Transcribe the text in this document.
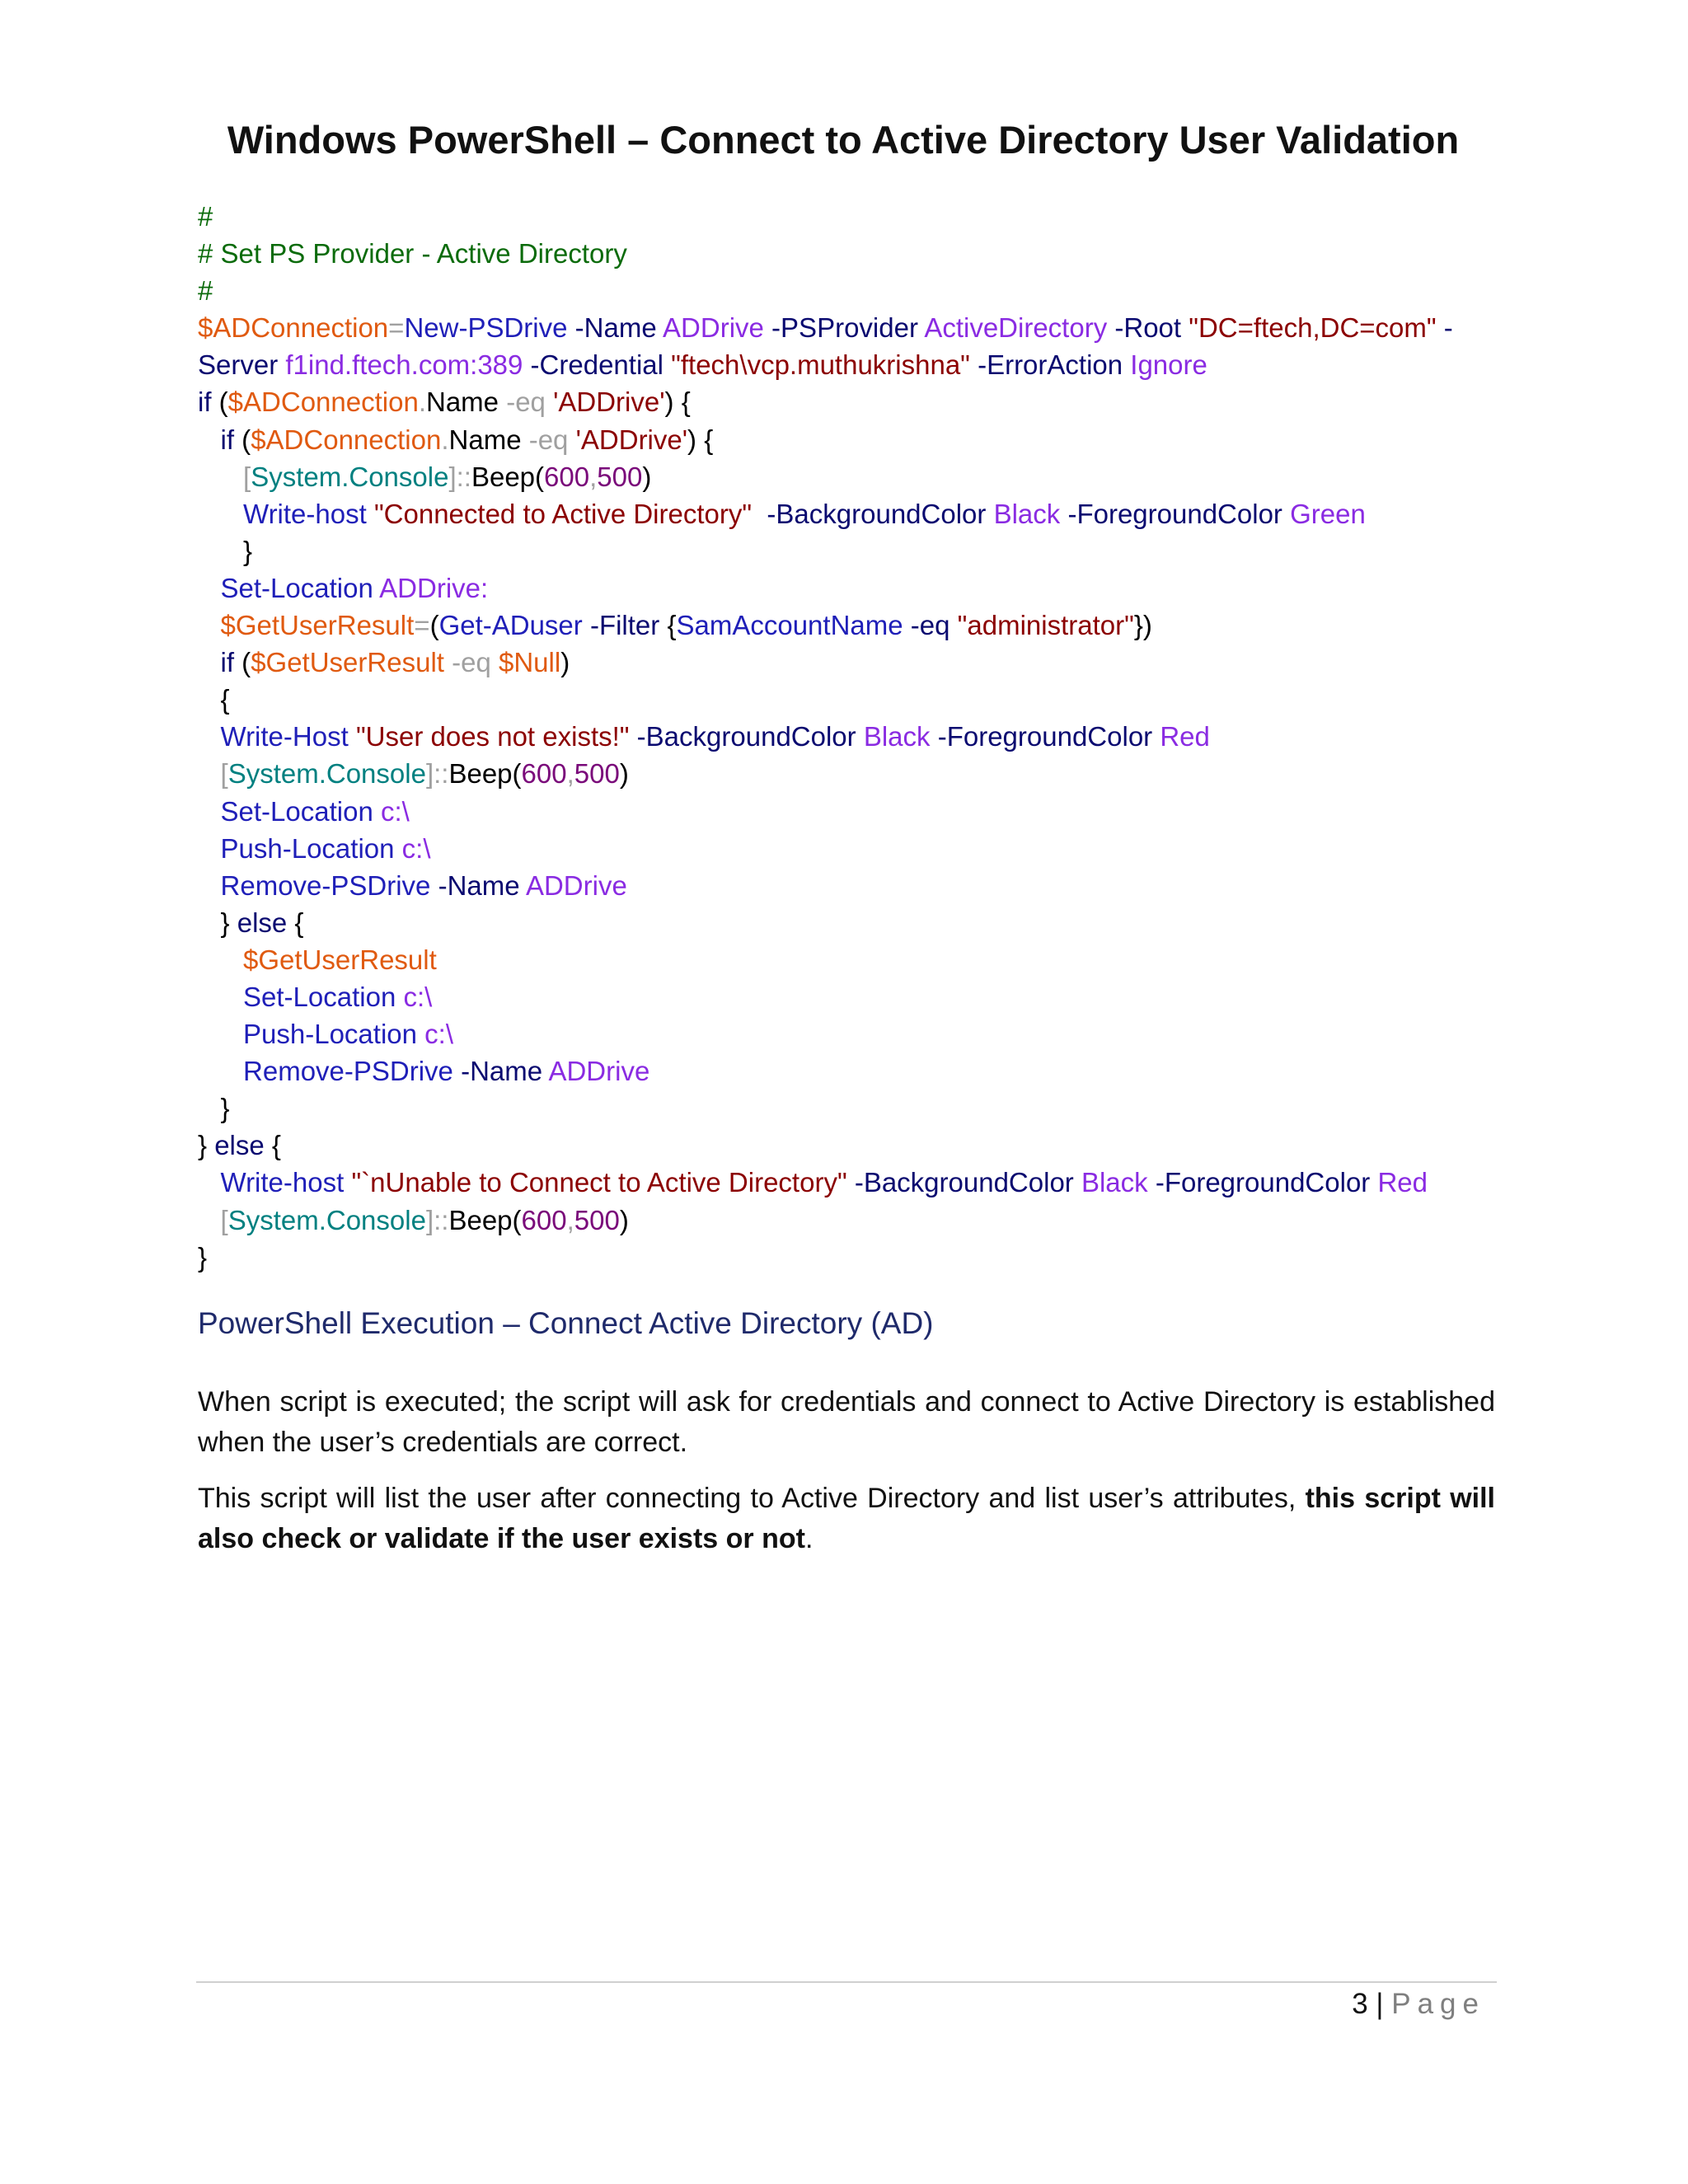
Windows PowerShell – Connect to Active Directory User Validation
#
# Set PS Provider - Active Directory
#
$ADConnection=New-PSDrive -Name ADDrive -PSProvider ActiveDirectory -Root "DC=ftech,DC=com" -
Server f1ind.ftech.com:389 -Credential "ftech\vcp.muthukrishna" -ErrorAction Ignore
if ($ADConnection.Name -eq 'ADDrive') {
if ($ADConnection.Name -eq 'ADDrive') {
[System.Console]::Beep(600,500)
Write-host "Connected to Active Directory"  -BackgroundColor Black -ForegroundColor Green
}
Set-Location ADDrive:
$GetUserResult=(Get-ADuser -Filter {SamAccountName -eq "administrator"})
if ($GetUserResult -eq $Null)
{
Write-Host "User does not exists!" -BackgroundColor Black -ForegroundColor Red
[System.Console]::Beep(600,500)
Set-Location c:\
Push-Location c:\
Remove-PSDrive -Name ADDrive
} else {
$GetUserResult
Set-Location c:\
Push-Location c:\
Remove-PSDrive -Name ADDrive
}
} else {
Write-host "`nUnable to Connect to Active Directory" -BackgroundColor Black -ForegroundColor Red
[System.Console]::Beep(600,500)
}
PowerShell Execution – Connect Active Directory (AD)

When script is executed; the script will ask for credentials and connect to Active Directory is established when the user’s credentials are correct.

This script will list the user after connecting to Active Directory and list user’s attributes, this script will also check or validate if the user exists or not.

3 | Page
